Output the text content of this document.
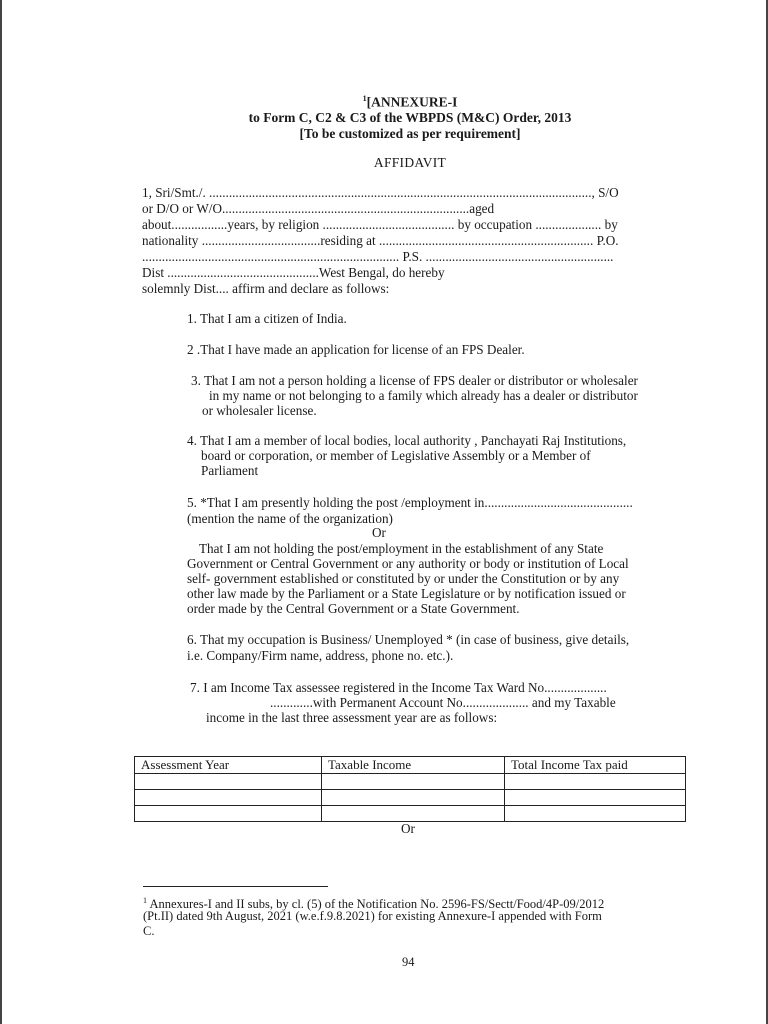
$^1$[ANNEXURE-I
to Form C, C2 & C3 of the WBPDS (M&C) Order, 2013
[To be customized as per requirement]
AFFIDAVIT
1, Sri/Smt./. ...................................................................................................................., S/O
or D/O or W/O...........................................................................aged
about.................years, by religion ........................................ by occupation .................... by
nationality ....................................residing at ................................................................. P.O.
.............................................................................. P.S. .........................................................
Dist ..............................................West Bengal, do hereby
solemnly Dist.... affirm and declare as follows:
1. That I am a citizen of India.
2 .That I have made an application for license of an FPS Dealer.
3. That I am not a person holding a license of FPS dealer or distributor or wholesaler
in my name or not belonging to a family which already has a dealer or distributor
or wholesaler license.
4. That I am a member of local bodies, local authority , Panchayati Raj Institutions,
board or corporation, or member of Legislative Assembly or a Member of
Parliament
5. *That I am presently holding the post /employment in.............................................
(mention the name of the organization)
Or
That I am not holding the post/employment in the establishment of any State
Government or Central Government or any authority or body or institution of Local
self- government established or constituted by or under the Constitution or by any
other law made by the Parliament or a State Legislature or by notification issued or
order made by the Central Government or a State Government.
6. That my occupation is Business/ Unemployed * (in case of business, give details,
i.e. Company/Firm name, address, phone no. etc.).
7. I am Income Tax assessee registered in the Income Tax Ward No...................
.............with Permanent Account No.................... and my Taxable
income in the last three assessment year are as follows:
Assessment Year	Taxable Income	Total Income Tax paid

Or
$^1$ Annexures-I and II subs, by cl. (5) of the Notification No. 2596-FS/Sectt/Food/4P-09/2012
(Pt.II) dated 9th August, 2021 (w.e.f.9.8.2021) for existing Annexure-I appended with Form
C.
94
